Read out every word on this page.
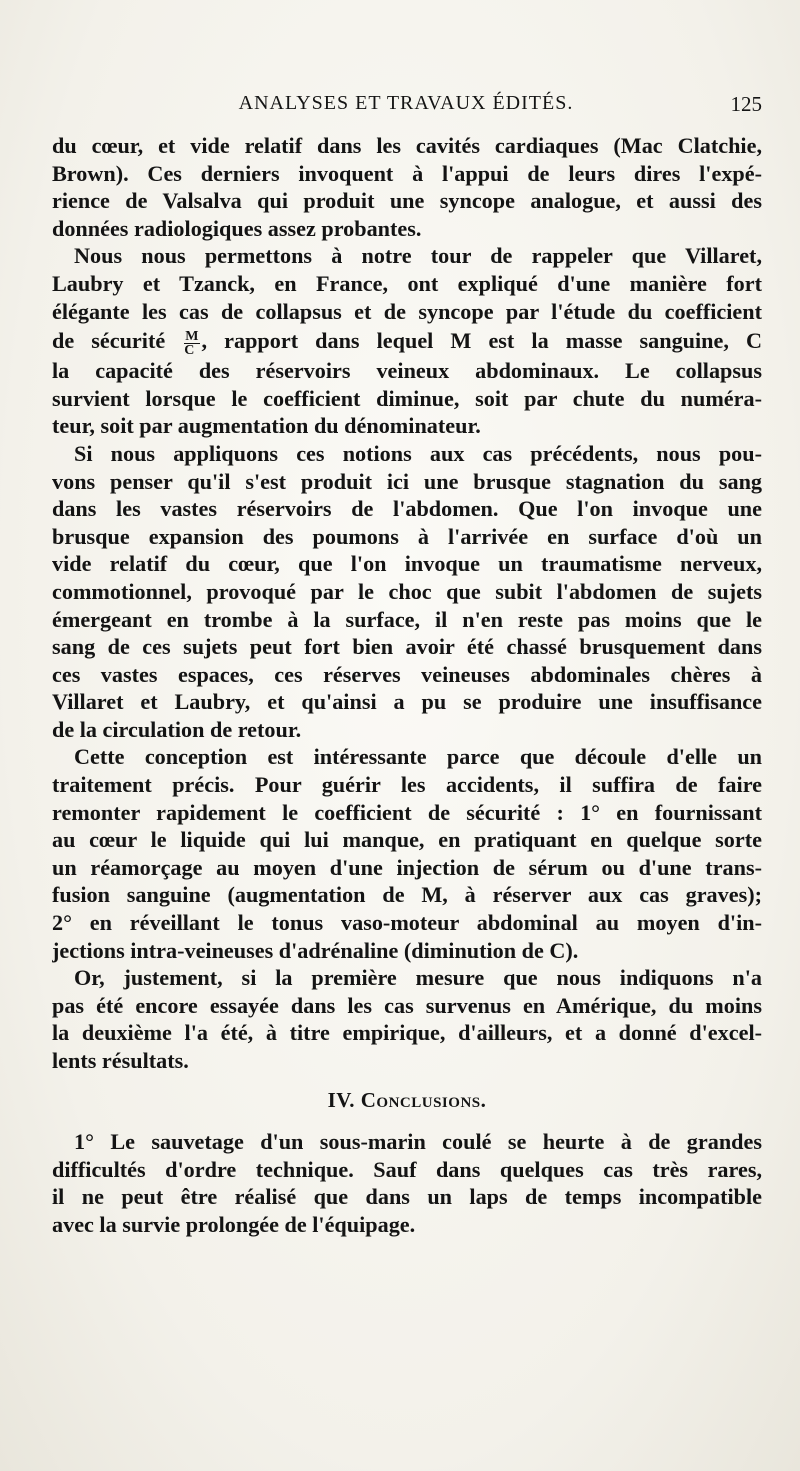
ANALYSES ET TRAVAUX ÉDITÉS.	125
du cœur, et vide relatif dans les cavités cardiaques (Mac Clatchie,
Brown). Ces derniers invoquent à l'appui de leurs dires l'expé-
rience de Valsalva qui produit une syncope analogue, et aussi des
données radiologiques assez probantes.
Nous nous permettons à notre tour de rappeler que Villaret,
Laubry et Tzanck, en France, ont expliqué d'une manière fort
élégante les cas de collapsus et de syncope par l'étude du coefficient
de sécurité $\frac{M}{C}$ , rapport dans lequel M est la masse sanguine, C
la capacité des réservoirs veineux abdominaux. Le collapsus
survient lorsque le coefficient diminue, soit par chute du numéra-
teur, soit par augmentation du dénominateur.
Si nous appliquons ces notions aux cas précédents, nous pou-
vons penser qu'il s'est produit ici une brusque stagnation du sang
dans les vastes réservoirs de l'abdomen. Que l'on invoque une
brusque expansion des poumons à l'arrivée en surface d'où un
vide relatif du cœur, que l'on invoque un traumatisme nerveux,
commotionnel, provoqué par le choc que subit l'abdomen de sujets
émergeant en trombe à la surface, il n'en reste pas moins que le
sang de ces sujets peut fort bien avoir été chassé brusquement dans
ces vastes espaces, ces réserves veineuses abdominales chères à
Villaret et Laubry, et qu'ainsi a pu se produire une insuffisance
de la circulation de retour.
Cette conception est intéressante parce que découle d'elle un
traitement précis. Pour guérir les accidents, il suffira de faire
remonter rapidement le coefficient de sécurité : 1° en fournissant
au cœur le liquide qui lui manque, en pratiquant en quelque sorte
un réamorçage au moyen d'une injection de sérum ou d'une trans-
fusion sanguine (augmentation de M, à réserver aux cas graves);
2° en réveillant le tonus vaso-moteur abdominal au moyen d'in-
jections intra-veineuses d'adrénaline (diminution de C).
Or, justement, si la première mesure que nous indiquons n'a
pas été encore essayée dans les cas survenus en Amérique, du moins
la deuxième l'a été, à titre empirique, d'ailleurs, et a donné d'excel-
lents résultats.
IV. Conclusions.
1° Le sauvetage d'un sous-marin coulé se heurte à de grandes
difficultés d'ordre technique. Sauf dans quelques cas très rares,
il ne peut être réalisé que dans un laps de temps incompatible
avec la survie prolongée de l'équipage.
